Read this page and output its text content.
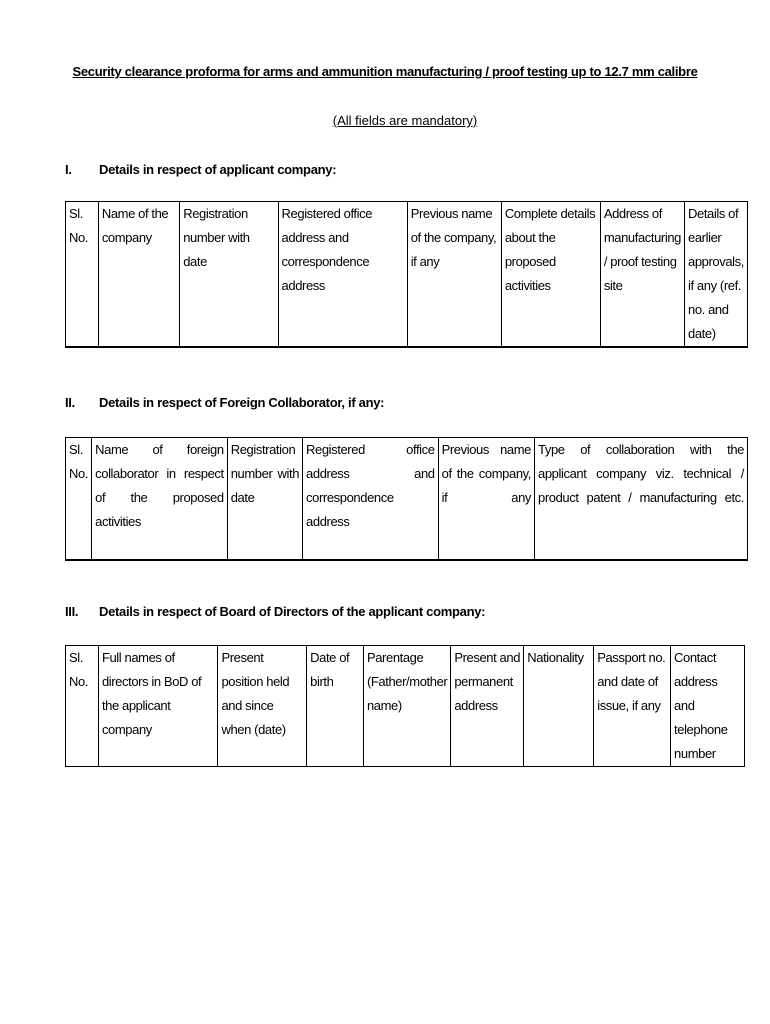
Security clearance proforma for arms and ammunition manufacturing / proof testing up to 12.7 mm calibre
(All fields are mandatory)
I.	Details in respect of applicant company:
Sl. No.	Name of the company	Registration number with date	Registered office address and correspondence address	Previous name of the company, if any	Complete details about the proposed activities	Address of manufacturing / proof testing site	Details of earlier approvals, if any (ref. no. and date)
II.	Details in respect of Foreign Collaborator, if any:
Sl. No.	Name of foreign collaborator in respect of the proposed activities	Registration number with date	Registered office address and correspondence address	Previous name of the company, if any	Type of collaboration with the applicant company viz. technical / product patent / manufacturing etc.
III.	Details in respect of Board of Directors of the applicant company:
Sl. No.	Full names of directors in BoD of the applicant company	Present position held and since when (date)	Date of birth	Parentage (Father/mother name)	Present and permanent address	Nationality	Passport no. and date of issue, if any	Contact address and telephone number
